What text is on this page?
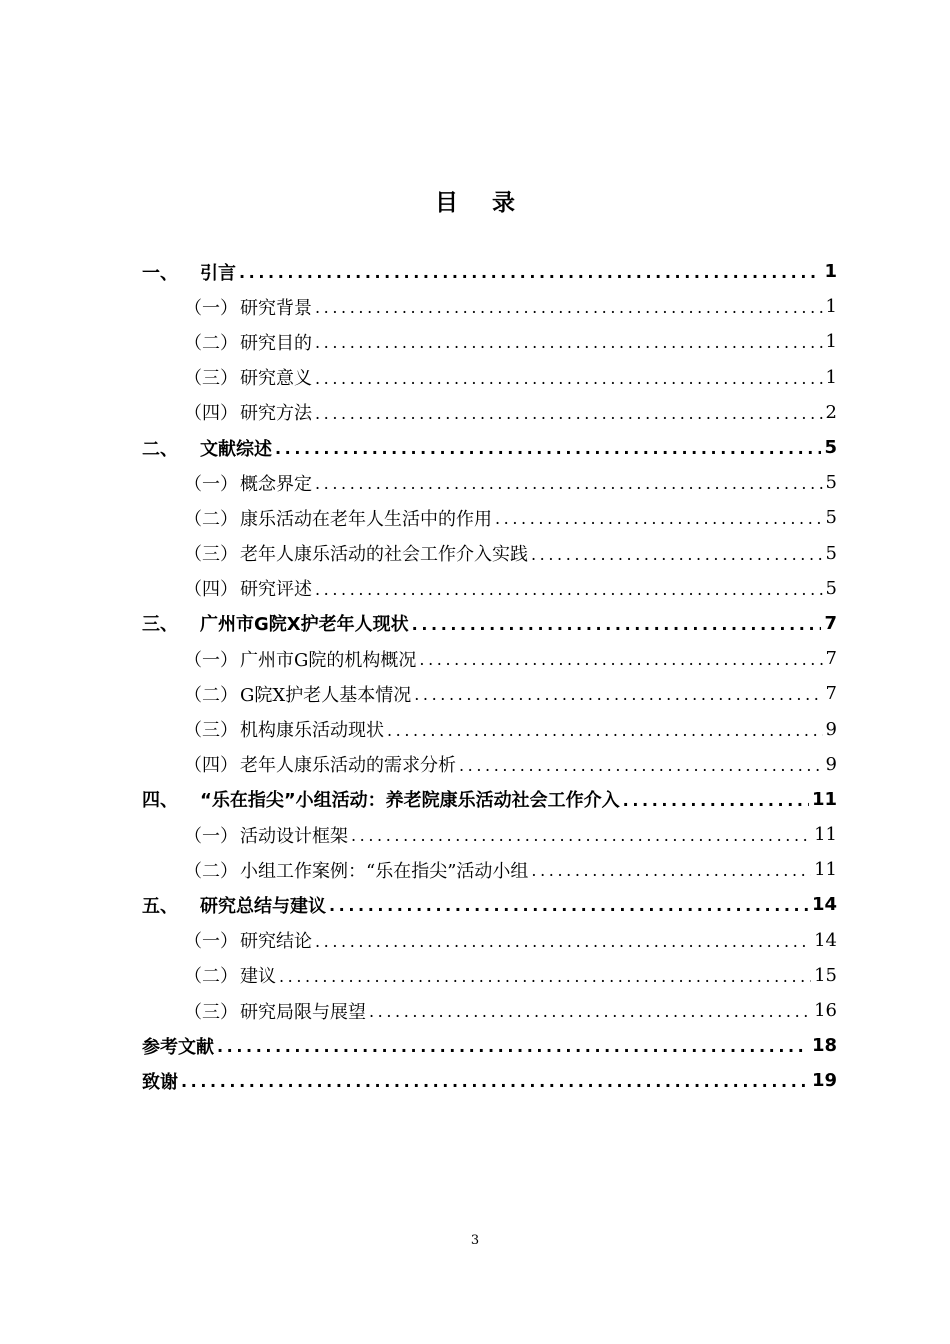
目 录
一、	引言 .....	1
（一） 研究背景 .....	1
（二） 研究目的 .....	1
（三） 研究意义 .....	1
（四） 研究方法 .....	2
二、	文献综述 .....	5
（一） 概念界定 .....	5
（二） 康乐活动在老年人生活中的作用 .....	5
（三） 老年人康乐活动的社会工作介入实践 .....	5
（四） 研究评述 .....	5
三、	广州市G院X护老年人现状 .....	7
（一） 广州市G院的机构概况 .....	7
（二） G院X护老人基本情况 .....	7
（三） 机构康乐活动现状 .....	9
（四） 老年人康乐活动的需求分析 .....	9
四、	“乐在指尖”小组活动：养老院康乐活动社会工作介入 .....	11
（一） 活动设计框架 .....	11
（二） 小组工作案例：“乐在指尖”活动小组 .....	11
五、	研究总结与建议 .....	14
（一） 研究结论 .....	14
（二） 建议 .....	15
（三） 研究局限与展望 .....	16
参考文献 .....	18
致谢 .....	19
3
